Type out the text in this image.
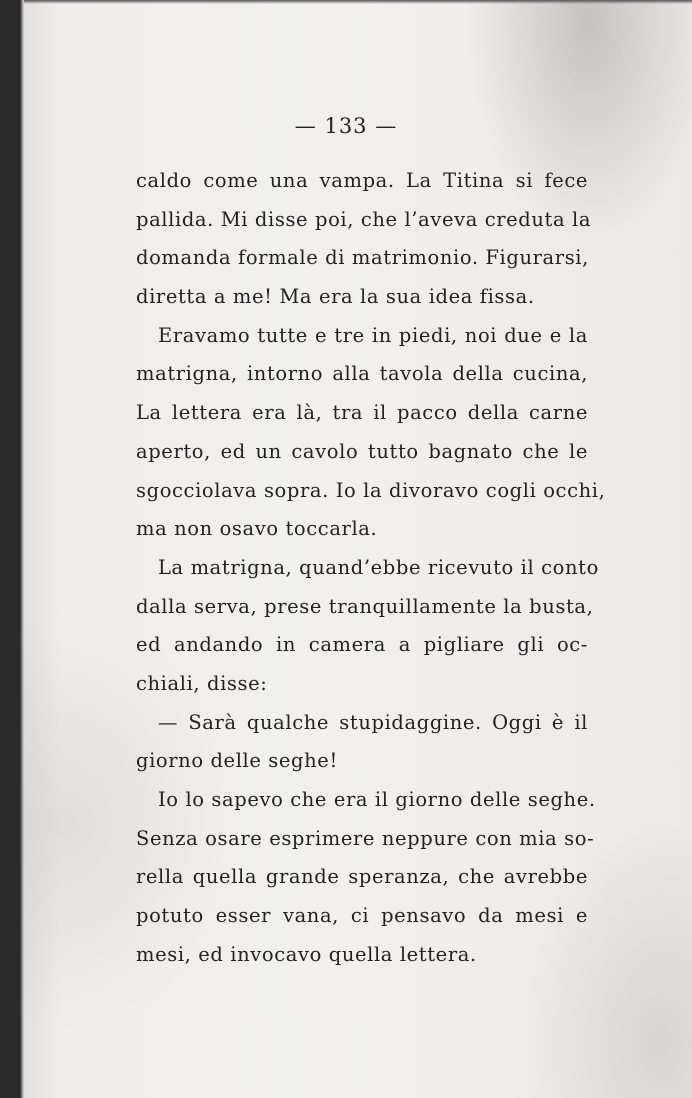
— 133 —
caldo come una vampa. La Titina si fece
pallida. Mi disse poi, che l’aveva creduta la
domanda formale di matrimonio. Figurarsi,
diretta a me! Ma era la sua idea fissa.
Eravamo tutte e tre in piedi, noi due e la
matrigna, intorno alla tavola della cucina,
La lettera era là, tra il pacco della carne
aperto, ed un cavolo tutto bagnato che le
sgocciolava sopra. Io la divoravo cogli occhi,
ma non osavo toccarla.
La matrigna, quand’ebbe ricevuto il conto
dalla serva, prese tranquillamente la busta,
ed andando in camera a pigliare gli oc-
chiali, disse:
— Sarà qualche stupidaggine. Oggi è il
giorno delle seghe!
Io lo sapevo che era il giorno delle seghe.
Senza osare esprimere neppure con mia so-
rella quella grande speranza, che avrebbe
potuto esser vana, ci pensavo da mesi e
mesi, ed invocavo quella lettera.
